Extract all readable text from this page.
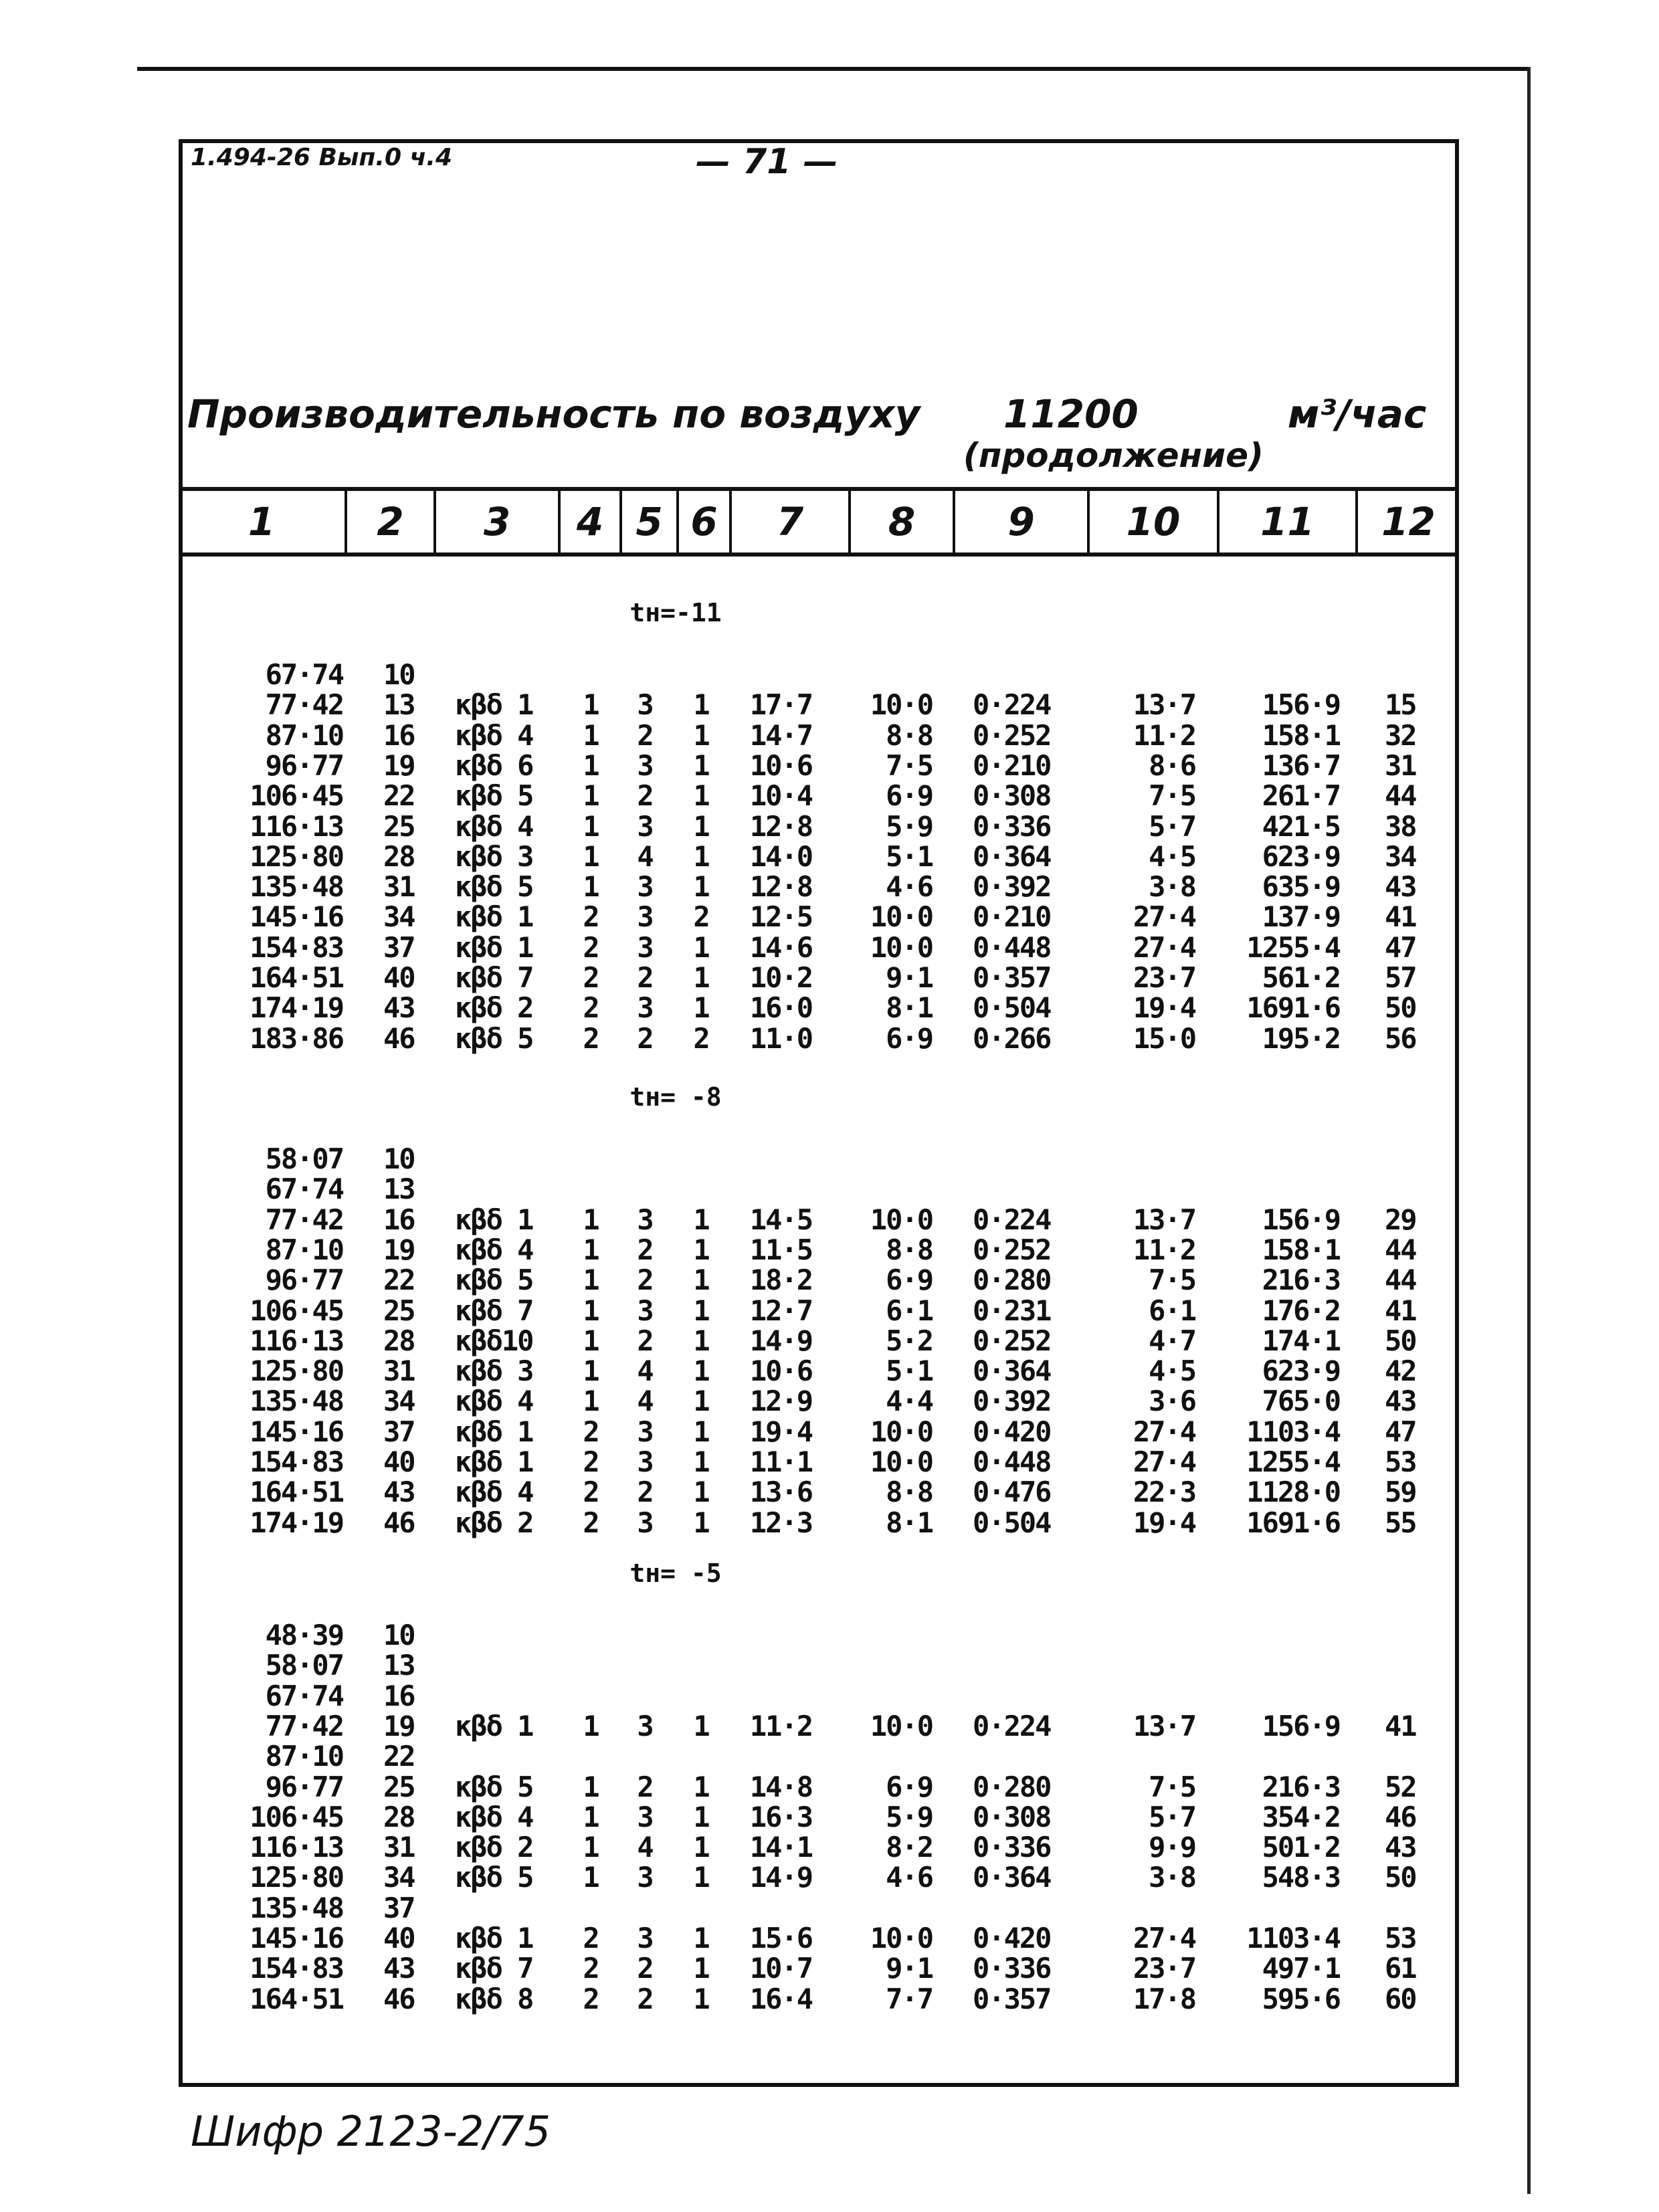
1.494-26 Вып.0 ч.4	— 71 —
Производительность по воздуху 11200	м³/час
(продолжение)
1	2	3	4 5 6	7	8	9	10	11	12
tн=-11
67·74 10
77·42 13 кβδ 1 1 3 1 17·7 10·0 0·224	13·7 156·9 15
87·10 16 кβδ 4 1 2 1 14·7	8·8 0·252	11·2 158·1 32
96·77 19 кβδ 6 1 3 1 10·6	7·5 0·210	8·6 136·7 31
106·45 22 кβδ 5 1 2 1 10·4	6·9 0·308	7·5 261·7 44
116·13 25 кβδ 4 1 3 1 12·8	5·9 0·336	5·7 421·5 38
125·80 28 кβδ 3 1 4 1 14·0	5·1 0·364	4·5 623·9 34
135·48 31 кβδ 5 1 3 1 12·8	4·6 0·392	3·8 635·9 43
145·16 34 кβδ 1 2 3 2 12·5 10·0 0·210	27·4 137·9 41
154·83 37 кβδ 1 2 3 1 14·6 10·0 0·448	27·4 1255·4 47
164·51 40 кβδ 7 2 2 1 10·2	9·1 0·357	23·7 561·2 57
174·19 43 кβδ 2 2 3 1 16·0	8·1 0·504	19·4 1691·6 50
183·86 46 кβδ 5 2 2 2 11·0	6·9 0·266	15·0 195·2 56
tн= -8
58·07 10
67·74 13
77·42 16 кβδ 1 1 3 1 14·5 10·0 0·224	13·7 156·9 29
87·10 19 кβδ 4 1 2 1 11·5	8·8 0·252	11·2 158·1 44
96·77 22 кβδ 5 1 2 1 18·2	6·9 0·280	7·5 216·3 44
106·45 25 кβδ 7 1 3 1 12·7	6·1 0·231	6·1 176·2 41
116·13 28 кβδ10 1 2 1 14·9	5·2 0·252	4·7 174·1 50
125·80 31 кβδ 3 1 4 1 10·6	5·1 0·364	4·5 623·9 42
135·48 34 кβδ 4 1 4 1 12·9	4·4 0·392	3·6 765·0 43
145·16 37 кβδ 1 2 3 1 19·4 10·0 0·420	27·4 1103·4 47
154·83 40 кβδ 1 2 3 1 11·1 10·0 0·448	27·4 1255·4 53
164·51 43 кβδ 4 2 2 1 13·6	8·8 0·476	22·3 1128·0 59
174·19 46 кβδ 2 2 3 1 12·3	8·1 0·504	19·4 1691·6 55
tн= -5
48·39 10
58·07 13
67·74 16
77·42 19 кβδ 1 1 3 1 11·2 10·0 0·224	13·7 156·9 41
87·10 22
96·77 25 кβδ 5 1 2 1 14·8	6·9 0·280	7·5 216·3 52
106·45 28 кβδ 4 1 3 1 16·3	5·9 0·308	5·7 354·2 46
116·13 31 кβδ 2 1 4 1 14·1	8·2 0·336	9·9 501·2 43
125·80 34 кβδ 5 1 3 1 14·9	4·6 0·364	3·8 548·3 50
135·48 37
145·16 40 кβδ 1 2 3 1 15·6 10·0 0·420	27·4 1103·4 53
154·83 43 кβδ 7 2 2 1 10·7	9·1 0·336	23·7 497·1 61
164·51 46 кβδ 8 2 2 1 16·4	7·7 0·357	17·8 595·6 60
Шифр 2123-2/75
